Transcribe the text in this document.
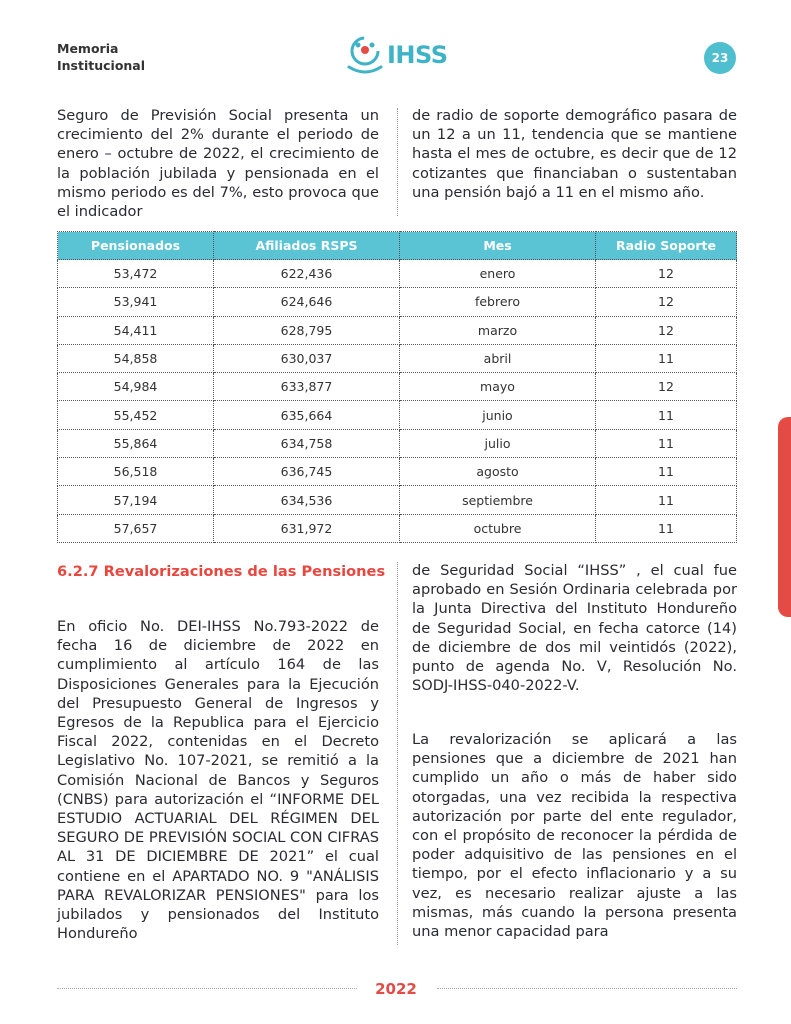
Memoria
Institucional	IHSS	23

Seguro de Previsión Social presenta un crecimiento del 2% durante el periodo de enero – octubre de 2022, el crecimiento de la población jubilada y pensionada en el mismo periodo es del 7%, esto provoca que el indicador

de radio de soporte demográfico pasara de un 12 a un 11, tendencia que se mantiene hasta el mes de octubre, es decir que de 12 cotizantes que financiaban o sustentaban una pensión bajó a 11 en el mismo año.

Pensionados	Afiliados RSPS	Mes	Radio Soporte
53,472	622,436	enero	12
53,941	624,646	febrero	12
54,411	628,795	marzo	12
54,858	630,037	abril	11
54,984	633,877	mayo	12
55,452	635,664	junio	11
55,864	634,758	julio	11
56,518	636,745	agosto	11
57,194	634,536	septiembre	11
57,657	631,972	octubre	11
6.2.7 Revalorizaciones de las Pensiones

En oficio No. DEI-IHSS No.793-2022 de fecha 16 de diciembre de 2022 en cumplimiento al artículo 164 de las Disposiciones Generales para la Ejecución del Presupuesto General de Ingresos y Egresos de la Republica para el Ejercicio Fiscal 2022, contenidas en el Decreto Legislativo No. 107-2021, se remitió a la Comisión Nacional de Bancos y Seguros (CNBS) para autorización el “INFORME DEL ESTUDIO ACTUARIAL DEL RÉGIMEN DEL SEGURO DE PREVISIÓN SOCIAL CON CIFRAS AL 31 DE DICIEMBRE DE 2021” el cual contiene en el APARTADO NO. 9 "ANÁLISIS PARA REVALORIZAR PENSIONES" para los jubilados y pensionados del Instituto Hondureño

de Seguridad Social “IHSS” , el cual fue aprobado en Sesión Ordinaria celebrada por la Junta Directiva del Instituto Hondureño de Seguridad Social, en fecha catorce (14) de diciembre de dos mil veintidós (2022), punto de agenda No. V, Resolución No. SODJ-IHSS-040-2022-V.

La revalorización se aplicará a las pensiones que a diciembre de 2021 han cumplido un año o más de haber sido otorgadas, una vez recibida la respectiva autorización por parte del ente regulador, con el propósito de reconocer la pérdida de poder adquisitivo de las pensiones en el tiempo, por el efecto inflacionario y a su vez, es necesario realizar ajuste a las mismas, más cuando la persona presenta una menor capacidad para

2022
